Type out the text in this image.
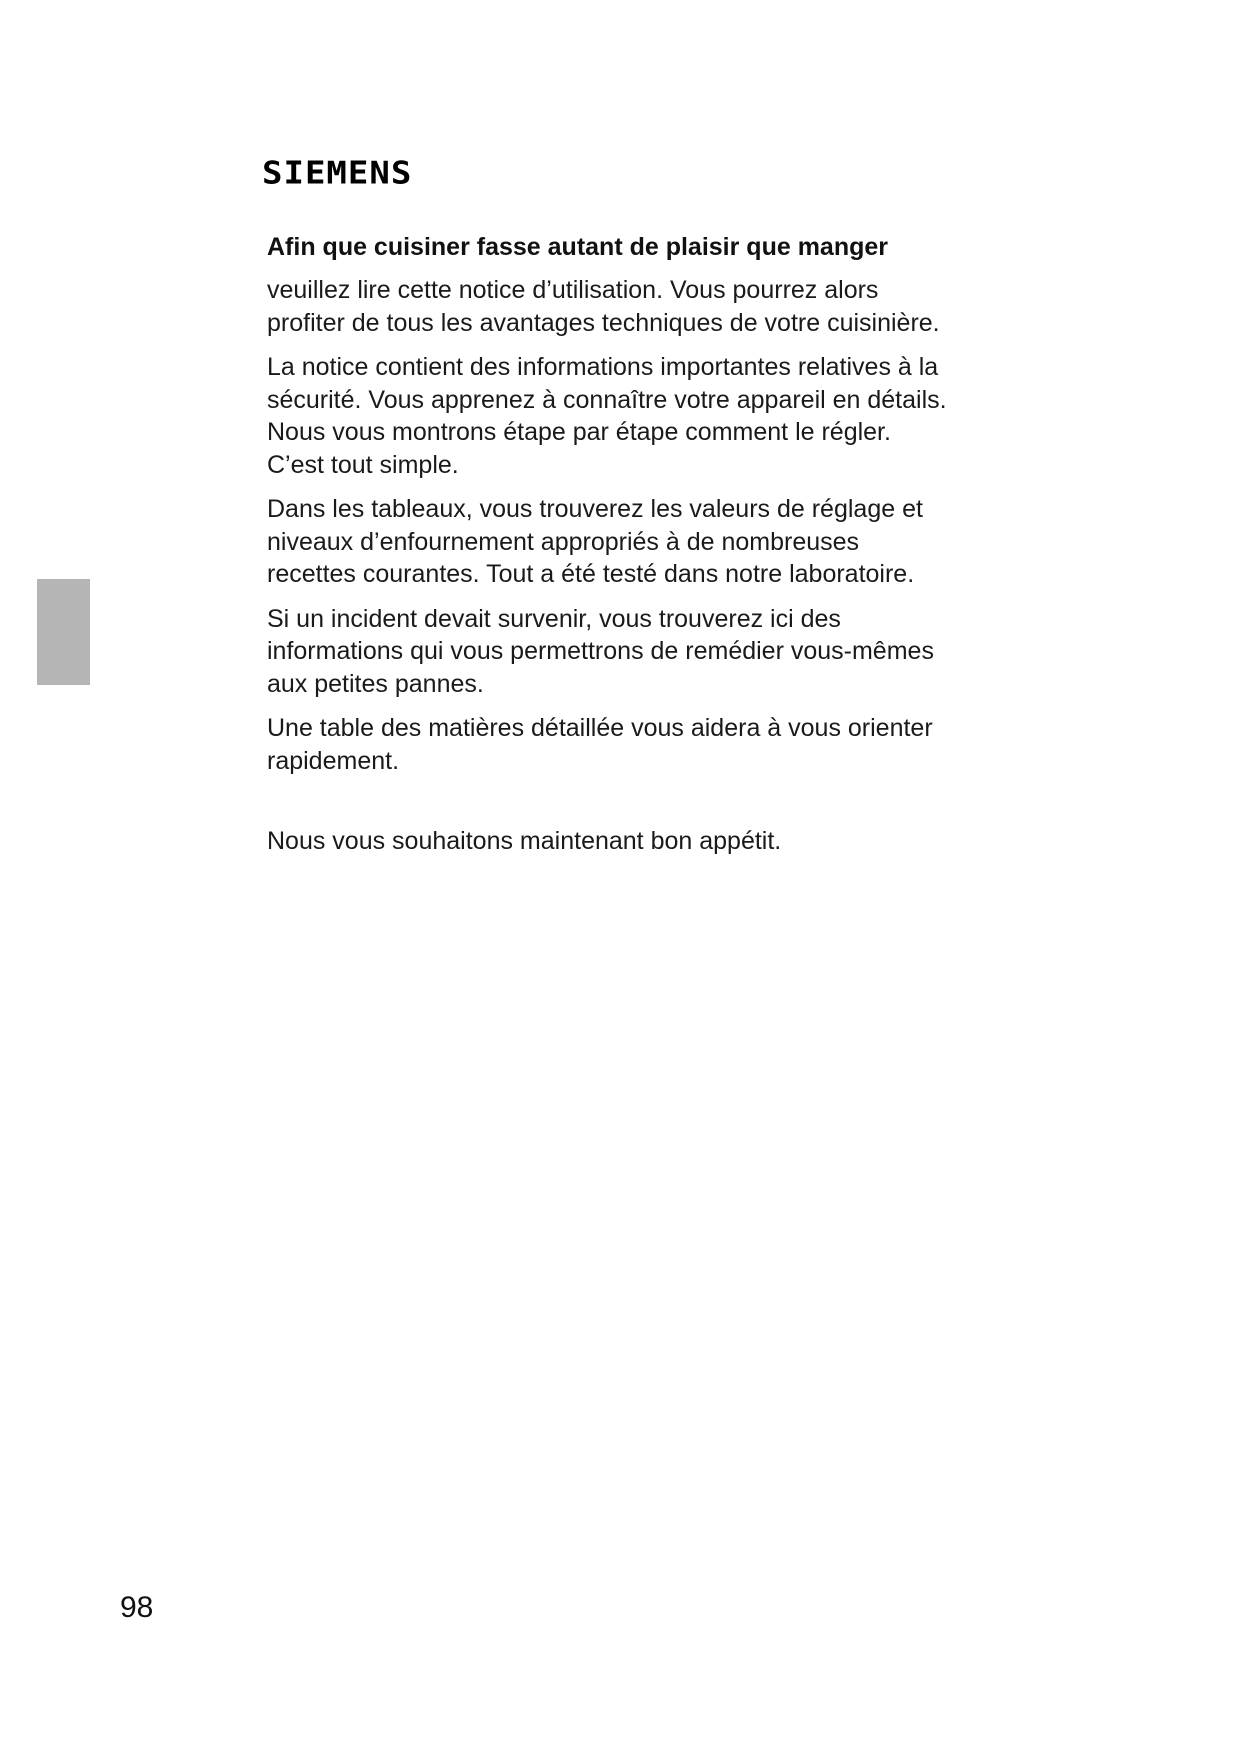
SIEMENS
Afin que cuisiner fasse autant de plaisir que manger

veuillez lire cette notice d’utilisation. Vous pourrez alors
profiter de tous les avantages techniques de votre cuisinière.

La notice contient des informations importantes relatives à la
sécurité. Vous apprenez à connaître votre appareil en détails.
Nous vous montrons étape par étape comment le régler.
C’est tout simple.

Dans les tableaux, vous trouverez les valeurs de réglage et
niveaux d’enfournement appropriés à de nombreuses
recettes courantes. Tout a été testé dans notre laboratoire.

Si un incident devait survenir, vous trouverez ici des
informations qui vous permettrons de remédier vous-mêmes
aux petites pannes.

Une table des matières détaillée vous aidera à vous orienter
rapidement.

Nous vous souhaitons maintenant bon appétit.

98
